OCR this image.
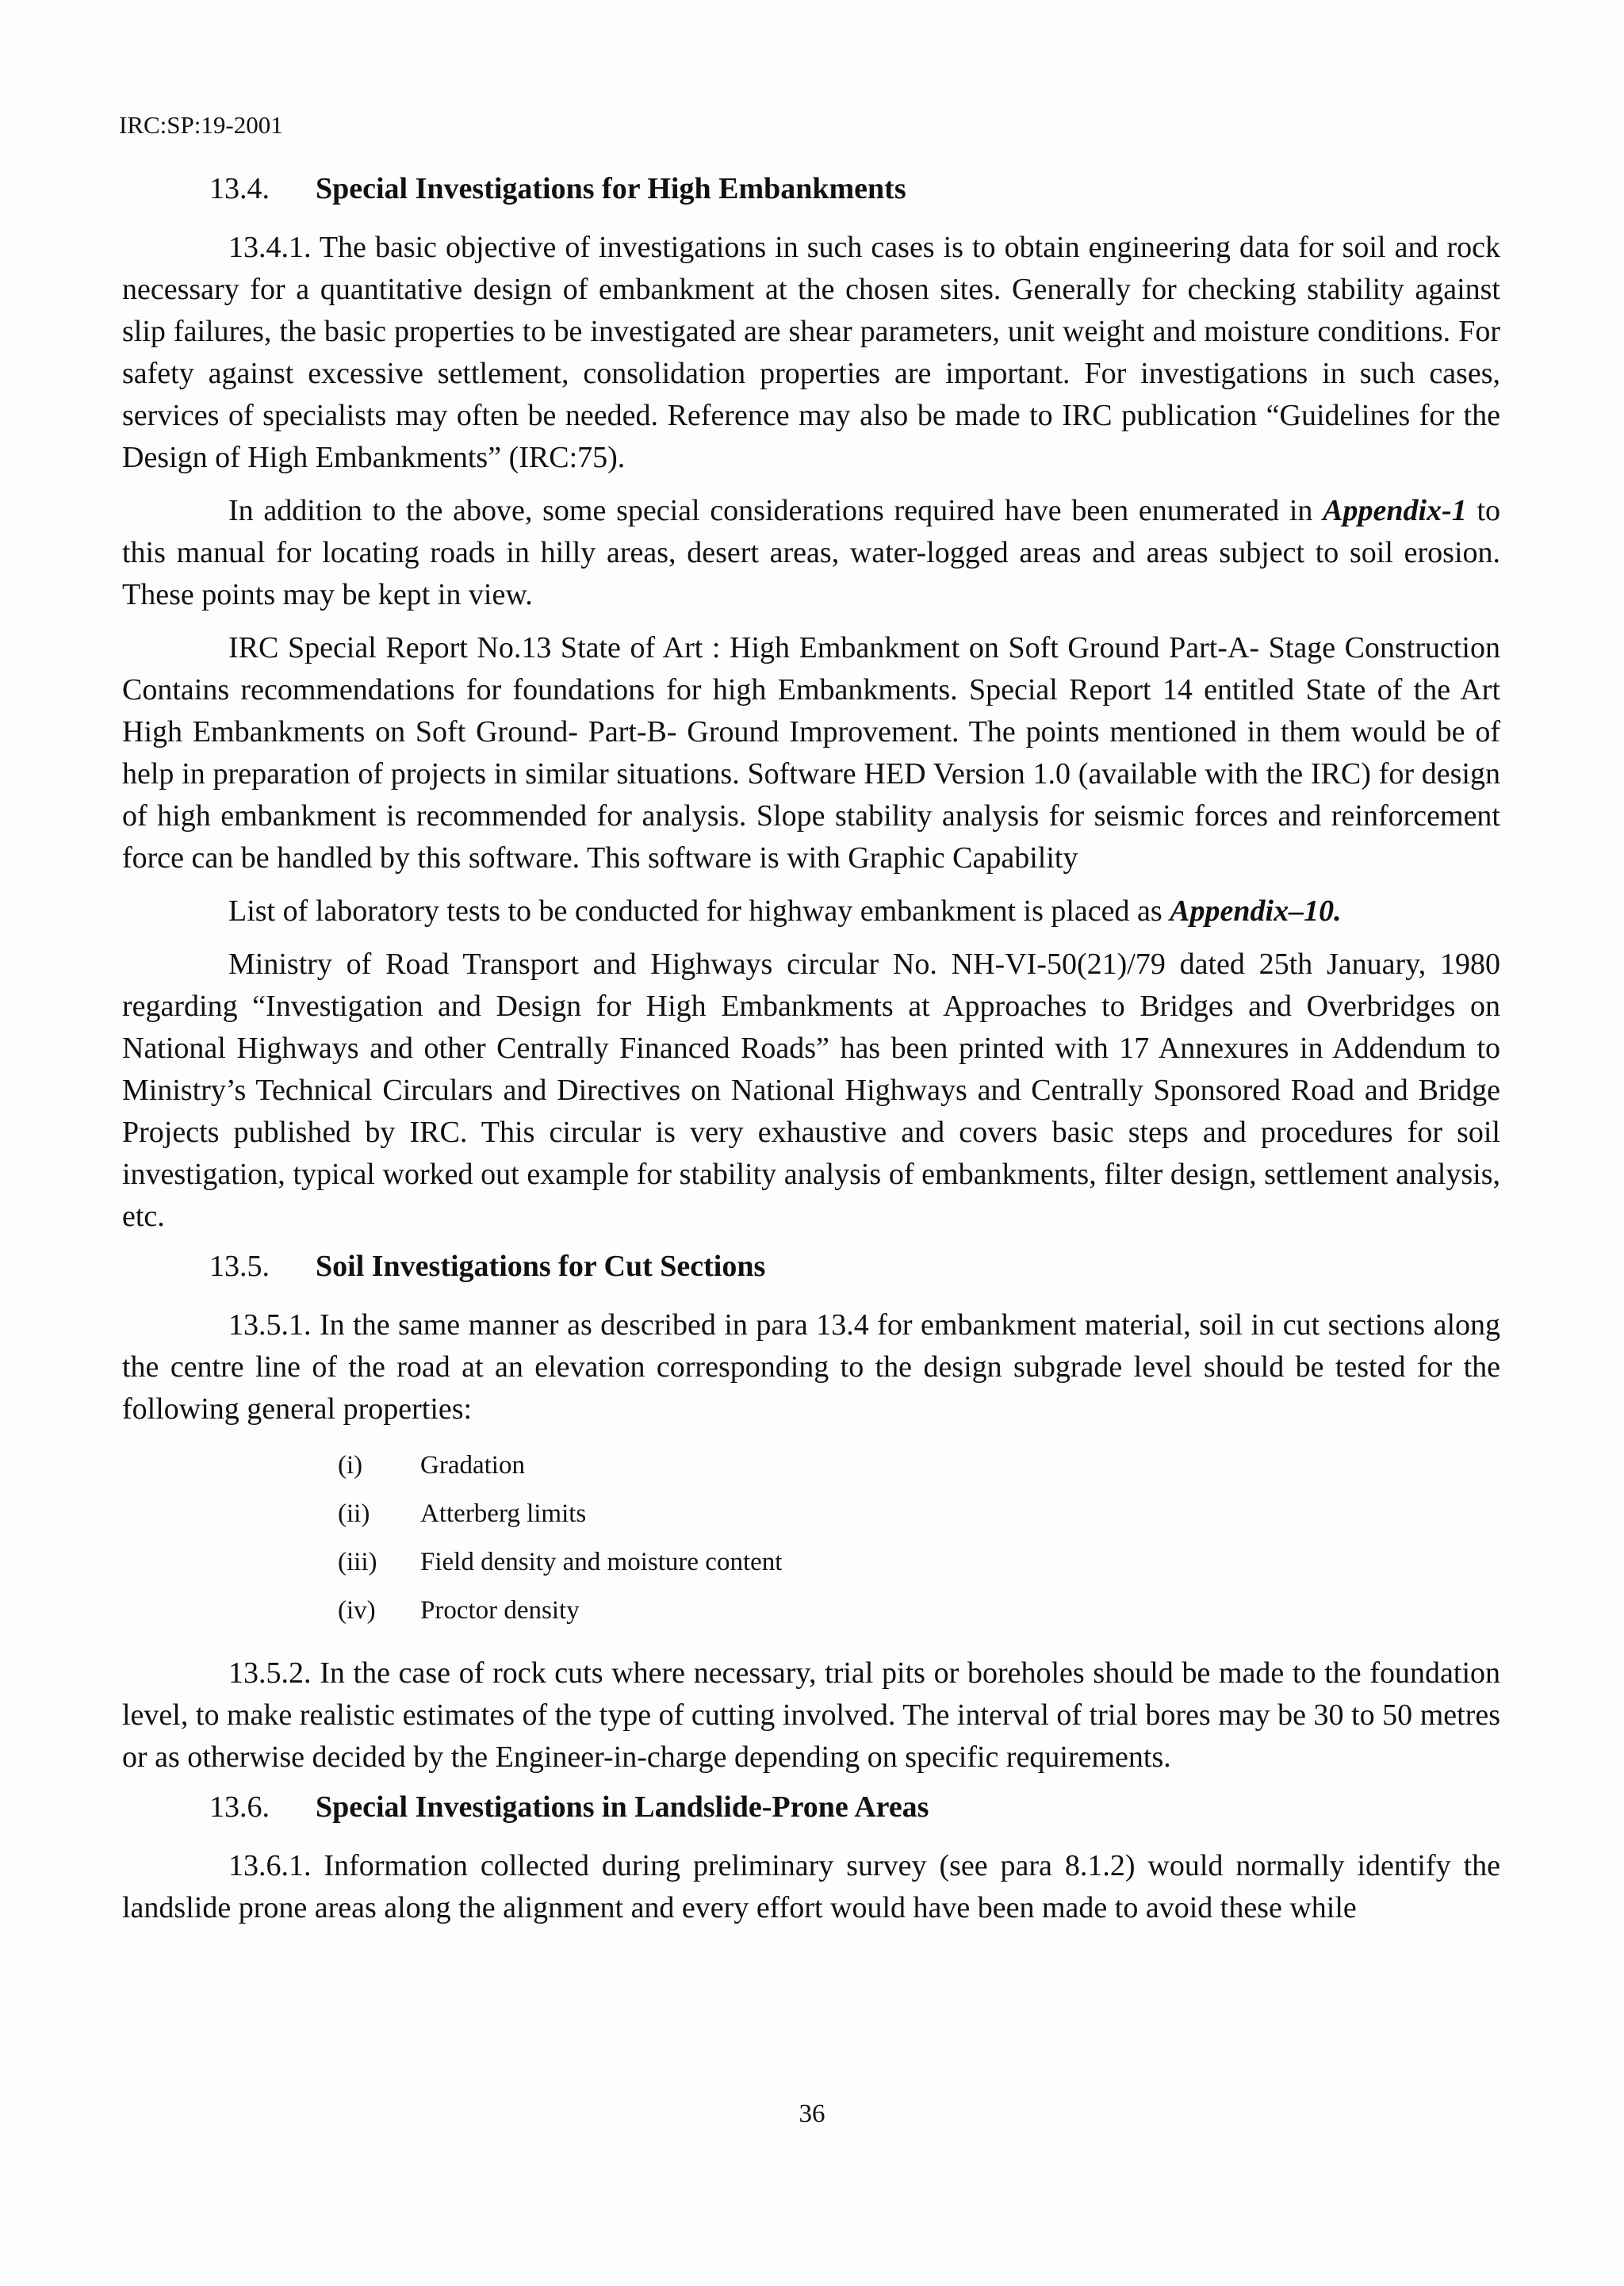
IRC:SP:19-2001
13.4.	Special Investigations for High Embankments

13.4.1. The basic objective of investigations in such cases is to obtain engineering data for soil and rock necessary for a quantitative design of embankment at the chosen sites. Generally for checking stability against slip failures, the basic properties to be investigated are shear parameters, unit weight and moisture conditions. For safety against excessive settlement, consolidation properties are important. For investigations in such cases, services of specialists may often be needed. Reference may also be made to IRC publication “Guidelines for the Design of High Embankments” (IRC:75).

In addition to the above, some special considerations required have been enumerated in Appendix-1 to this manual for locating roads in hilly areas, desert areas, water-logged areas and areas subject to soil erosion. These points may be kept in view.

IRC Special Report No.13 State of Art : High Embankment on Soft Ground Part-A- Stage Construction Contains recommendations for foundations for high Embankments. Special Report 14 entitled State of the Art High Embankments on Soft Ground- Part-B- Ground Improvement. The points mentioned in them would be of help in preparation of projects in similar situations. Software HED Version 1.0 (available with the IRC) for design of high embankment is recommended for analysis. Slope stability analysis for seismic forces and reinforcement force can be handled by this software. This software is with Graphic Capability

List of laboratory tests to be conducted for highway embankment is placed as Appendix–10.

Ministry of Road Transport and Highways circular No. NH-VI-50(21)/79 dated 25th January, 1980 regarding “Investigation and Design for High Embankments at Approaches to Bridges and Overbridges on National Highways and other Centrally Financed Roads” has been printed with 17 Annexures in Addendum to Ministry’s Technical Circulars and Directives on National Highways and Centrally Sponsored Road and Bridge Projects published by IRC. This circular is very exhaustive and covers basic steps and procedures for soil investigation, typical worked out example for stability analysis of embankments, filter design, settlement analysis, etc.

13.5.	Soil Investigations for Cut Sections

13.5.1. In the same manner as described in para 13.4 for embankment material, soil in cut sections along the centre line of the road at an elevation corresponding to the design subgrade level should be tested for the following general properties:

(i)	Gradation
(ii)	Atterberg limits
(iii)	Field density and moisture content
(iv)	Proctor density

13.5.2. In the case of rock cuts where necessary, trial pits or boreholes should be made to the foundation level, to make realistic estimates of the type of cutting involved. The interval of trial bores may be 30 to 50 metres or as otherwise decided by the Engineer-in-charge depending on specific requirements.

13.6.	Special Investigations in Landslide-Prone Areas

13.6.1. Information collected during preliminary survey (see para 8.1.2) would normally identify the landslide prone areas along the alignment and every effort would have been made to avoid these while

36
